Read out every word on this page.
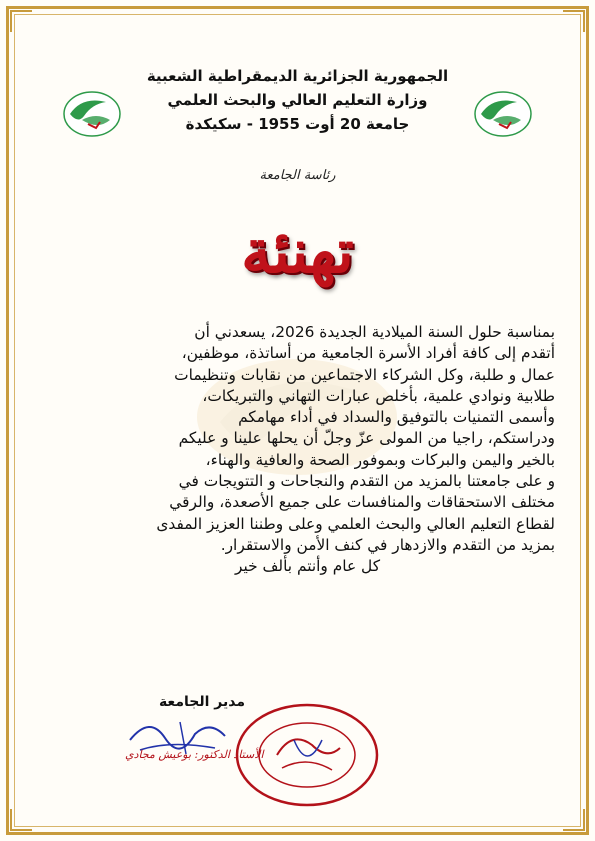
الجمهورية الجزائرية الديمقراطية الشعبية
وزارة التعليم العالي والبحث العلمي
جامعة 20 أوت 1955 - سكيكدة
رئاسة الجامعة
تهنئة
بمناسبة حلول السنة الميلادية الجديدة 2026، يسعدني أن
أتقدم إلى كافة أفراد الأسرة الجامعية من أساتذة، موظفين،
عمال و طلبة، وكل الشركاء الاجتماعين من نقابات وتنظيمات
طلابية ونوادي علمية، بأخلص عبارات التهاني والتبريكات،
وأسمى التمنيات بالتوفيق والسداد في أداء مهامكم
ودراستكم، راجيا من المولى عزّ وجلّ أن يحلها علينا و عليكم
بالخير واليمن والبركات وبموفور الصحة والعافية والهناء،
و على جامعتنا بالمزيد من التقدم والنجاحات و التتويجات في
مختلف الاستحقاقات والمنافسات على جميع الأصعدة، والرقي
لقطاع التعليم العالي والبحث العلمي وعلى وطننا العزيز المفدى
بمزيد من التقدم والازدهار في كنف الأمن والاستقرار.
كل عام وأنتم بألف خير
مدير الجامعة
الأستاذ الدكتور: بوعيش مجادي
